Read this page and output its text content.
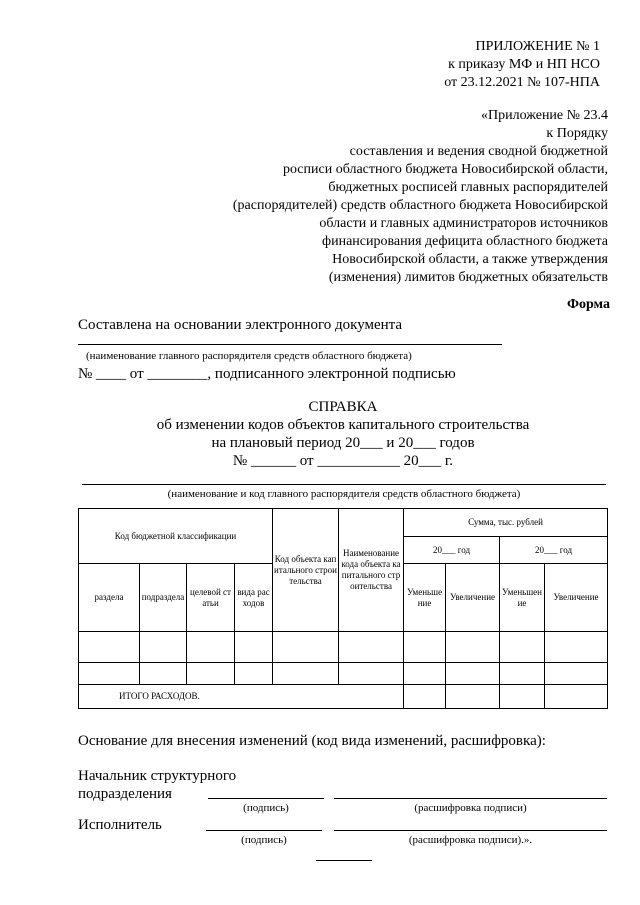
ПРИЛОЖЕНИЕ № 1
к приказу МФ и НП НСО
от 23.12.2021 № 107-НПА
«Приложение № 23.4
к Порядку
составления и ведения сводной бюджетной
росписи областного бюджета Новосибирской области,
бюджетных росписей главных распорядителей
(распорядителей) средств областного бюджета Новосибирской
области и главных администраторов источников
финансирования дефицита областного бюджета
Новосибирской области, а также утверждения
(изменения) лимитов бюджетных обязательств
Форма
Составлена на основании электронного документа
(наименование главного распорядителя средств областного бюджета)
№ ____ от ________, подписанного электронной подписью
СПРАВКА
об изменении кодов объектов капитального строительства
на плановый период 20___ и 20___ годов
№ ______ от ___________ 20___ г.
(наименование и код главного распорядителя средств областного бюджета)
Код бюджетной классификации				Код объекта капитального строительства	Наименование кода объекта капитального строительства	Сумма, тыс. рублей			
						20___ год		20___ год	
раздела	подраздела	целевой статьи	вида расходов			Уменьшение	Увеличение	Уменьшение	Увеличение

ИТОГО РАСХОДОВ.									
Основание для внесения изменений (код вида изменений, расшифровка):
Начальник структурного
подразделения
(подпись)	(расшифровка подписи)
Исполнитель
(подпись)	(расшифровка подписи).».
